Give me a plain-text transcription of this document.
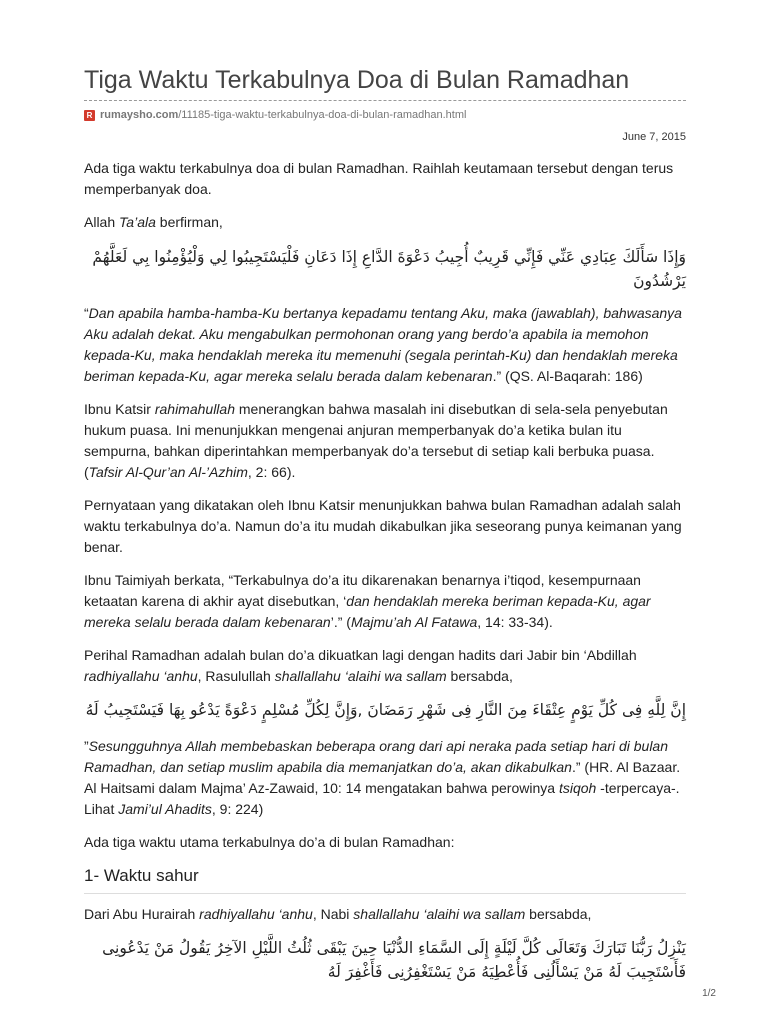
Tiga Waktu Terkabulnya Doa di Bulan Ramadhan
R rumaysho.com/11185-tiga-waktu-terkabulnya-doa-di-bulan-ramadhan.html
June 7, 2015

Ada tiga waktu terkabulnya doa di bulan Ramadhan. Raihlah keutamaan tersebut dengan terus memperbanyak doa.

Allah Ta’ala berfirman,

وَإِذَا سَأَلَكَ عِبَادِي عَنِّي فَإِنِّي قَرِيبٌ أُجِيبُ دَعْوَةَ الدَّاعِ إِذَا دَعَانِ فَلْيَسْتَجِيبُوا لِي وَلْيُؤْمِنُوا بِي لَعَلَّهُمْ يَرْشُدُونَ

“Dan apabila hamba-hamba-Ku bertanya kepadamu tentang Aku, maka (jawablah), bahwasanya Aku adalah dekat. Aku mengabulkan permohonan orang yang berdo’a apabila ia memohon kepada-Ku, maka hendaklah mereka itu memenuhi (segala perintah-Ku) dan hendaklah mereka beriman kepada-Ku, agar mereka selalu berada dalam kebenaran.” (QS. Al-Baqarah: 186)

Ibnu Katsir rahimahullah menerangkan bahwa masalah ini disebutkan di sela-sela penyebutan hukum puasa. Ini menunjukkan mengenai anjuran memperbanyak do’a ketika bulan itu sempurna, bahkan diperintahkan memperbanyak do’a tersebut di setiap kali berbuka puasa. (Tafsir Al-Qur’an Al-’Azhim, 2: 66).

Pernyataan yang dikatakan oleh Ibnu Katsir menunjukkan bahwa bulan Ramadhan adalah salah waktu terkabulnya do’a. Namun do’a itu mudah dikabulkan jika seseorang punya keimanan yang benar.

Ibnu Taimiyah berkata, “Terkabulnya do’a itu dikarenakan benarnya i’tiqod, kesempurnaan ketaatan karena di akhir ayat disebutkan, ‘dan hendaklah mereka beriman kepada-Ku, agar mereka selalu berada dalam kebenaran’.” (Majmu’ah Al Fatawa, 14: 33-34).

Perihal Ramadhan adalah bulan do’a dikuatkan lagi dengan hadits dari Jabir bin ‘Abdillah radhiyallahu ‘anhu, Rasulullah shallallahu ‘alaihi wa sallam bersabda,

إِنَّ لِلَّهِ فِى كُلِّ يَوْمٍ عِتْقَاءَ مِنَ النَّارِ فِى شَهْرِ رَمَضَانَ ,وَإِنَّ لِكُلِّ مُسْلِمٍ دَعْوَةً يَدْعُو بِهَا فَيَسْتَجِيبُ لَهُ

”Sesungguhnya Allah membebaskan beberapa orang dari api neraka pada setiap hari di bulan Ramadhan, dan setiap muslim apabila dia memanjatkan do’a, akan dikabulkan.” (HR. Al Bazaar. Al Haitsami dalam Majma’ Az-Zawaid, 10: 14 mengatakan bahwa perowinya tsiqoh -terpercaya-. Lihat Jami’ul Ahadits, 9: 224)

Ada tiga waktu utama terkabulnya do’a di bulan Ramadhan:

1- Waktu sahur

Dari Abu Hurairah radhiyallahu ‘anhu, Nabi shallallahu ‘alaihi wa sallam bersabda,

يَنْزِلُ رَبُّنَا تَبَارَكَ وَتَعَالَى كُلَّ لَيْلَةٍ إِلَى السَّمَاءِ الدُّنْيَا حِينَ يَبْقَى ثُلُثُ اللَّيْلِ الآخِرُ يَقُولُ مَنْ يَدْعُونِى فَأَسْتَجِيبَ لَهُ مَنْ يَسْأَلُنِى فَأُعْطِيَهُ مَنْ يَسْتَغْفِرُنِى فَأَغْفِرَ لَهُ

1/2
